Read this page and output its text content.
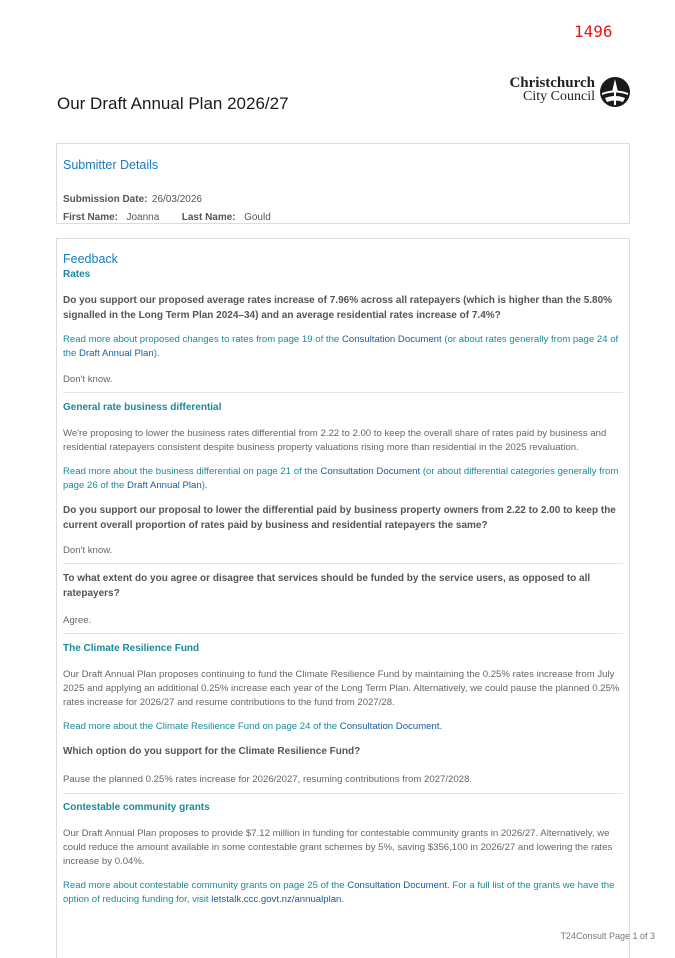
1496
Our Draft Annual Plan 2026/27
Christchurch
City Council
Submitter Details
Submission Date: 26/03/2026
First Name: Joanna Last Name: Gould
Feedback
Rates
Do you support our proposed average rates increase of 7.96% across all ratepayers (which is higher than the 5.80% signalled in the Long Term Plan 2024–34) and an average residential rates increase of 7.4%?
Read more about proposed changes to rates from page 19 of the Consultation Document (or about rates generally from page 24 of the Draft Annual Plan).
Don't know.
General rate business differential
We're proposing to lower the business rates differential from 2.22 to 2.00 to keep the overall share of rates paid by business and residential ratepayers consistent despite business property valuations rising more than residential in the 2025 revaluation.
Read more about the business differential on page 21 of the Consultation Document (or about differential categories generally from page 26 of the Draft Annual Plan).
Do you support our proposal to lower the differential paid by business property owners from 2.22 to 2.00 to keep the current overall proportion of rates paid by business and residential ratepayers the same?
Don't know.
To what extent do you agree or disagree that services should be funded by the service users, as opposed to all ratepayers?
Agree.
The Climate Resilience Fund
Our Draft Annual Plan proposes continuing to fund the Climate Resilience Fund by maintaining the 0.25% rates increase from July 2025 and applying an additional 0.25% increase each year of the Long Term Plan. Alternatively, we could pause the planned 0.25% rates increase for 2026/27 and resume contributions to the fund from 2027/28.
Read more about the Climate Resilience Fund on page 24 of the Consultation Document.
Which option do you support for the Climate Resilience Fund?
Pause the planned 0.25% rates increase for 2026/2027, resuming contributions from 2027/2028.
Contestable community grants
Our Draft Annual Plan proposes to provide $7.12 million in funding for contestable community grants in 2026/27. Alternatively, we could reduce the amount available in some contestable grant schemes by 5%, saving $356,100 in 2026/27 and lowering the rates increase by 0.04%.
Read more about contestable community grants on page 25 of the Consultation Document. For a full list of the grants we have the option of reducing funding for, visit letstalk.ccc.govt.nz/annualplan.
T24Consult Page 1 of 3
